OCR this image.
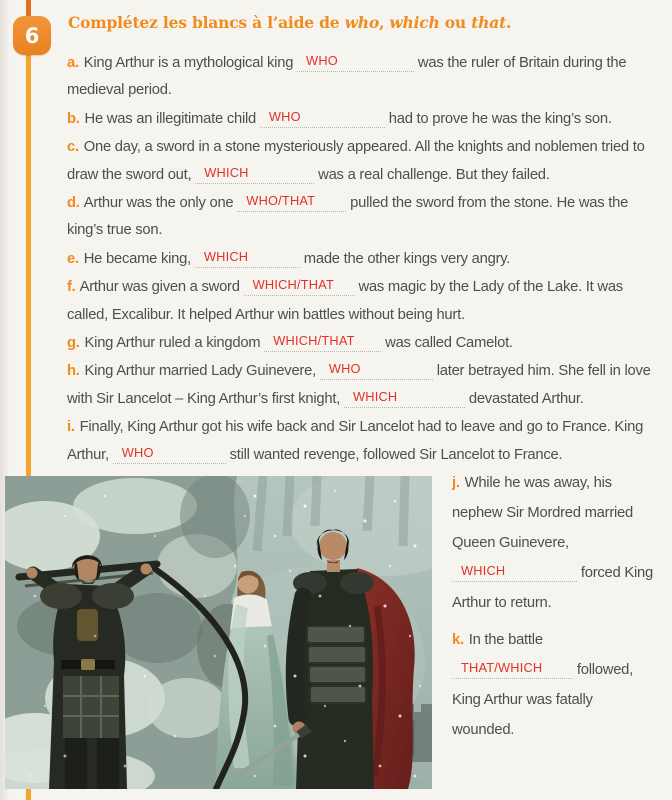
6
Complétez les blancs à l’aide de who, which ou that.

a. King Arthur is a mythological king WHO	was the ruler of Britain during the medieval period.

b. He was an illegitimate child WHO	had to prove he was the king’s son.

c. One day, a sword in a stone mysteriously appeared. All the knights and noblemen tried to draw the sword out, WHICH	was a real challenge. But they failed.

d. Arthur was the only one WHO/THAT pulled the sword from the stone. He was the king’s true son.

e. He became king, WHICH	made the other kings very angry.

f. Arthur was given a sword WHICH/THAT was magic by the Lady of the Lake. It was called, Excalibur. It helped Arthur win battles without being hurt.

g. King Arthur ruled a kingdom WHICH/THAT was called Camelot.

h. King Arthur married Lady Guinevere, WHO	later betrayed him. She fell in love with Sir Lancelot – King Arthur’s first knight, WHICH	devastated Arthur.

i. Finally, King Arthur got his wife back and Sir Lancelot had to leave and go to France. King Arthur, WHO	still wanted revenge, followed Sir Lancelot to France.

j. While he was away, his nephew Sir Mordred married Queen Guinevere, WHICH	forced King Arthur to return.

k. In the battle THAT/WHICH followed, King Arthur was fatally wounded.
